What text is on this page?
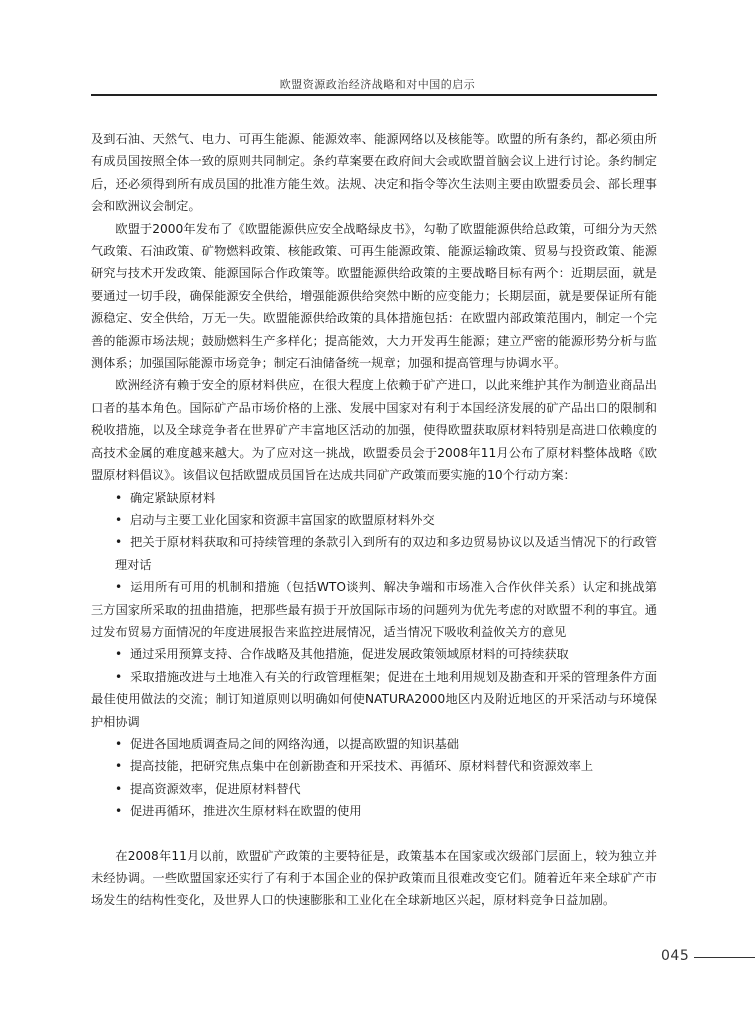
欧盟资源政治经济战略和对中国的启示

及到石油、天然气、电力、可再生能源、能源效率、能源网络以及核能等。欧盟的所有条约，都必须由所有成员国按照全体一致的原则共同制定。条约草案要在政府间大会或欧盟首脑会议上进行讨论。条约制定后，还必须得到所有成员国的批准方能生效。法规、决定和指令等次生法则主要由欧盟委员会、部长理事会和欧洲议会制定。

欧盟于2000年发布了《欧盟能源供应安全战略绿皮书》，勾勒了欧盟能源供给总政策，可细分为天然气政策、石油政策、矿物燃料政策、核能政策、可再生能源政策、能源运输政策、贸易与投资政策、能源研究与技术开发政策、能源国际合作政策等。欧盟能源供给政策的主要战略目标有两个：近期层面，就是要通过一切手段，确保能源安全供给，增强能源供给突然中断的应变能力；长期层面，就是要保证所有能源稳定、安全供给，万无一失。欧盟能源供给政策的具体措施包括：在欧盟内部政策范围内，制定一个完善的能源市场法规；鼓励燃料生产多样化；提高能效，大力开发再生能源；建立严密的能源形势分析与监测体系；加强国际能源市场竞争；制定石油储备统一规章；加强和提高管理与协调水平。

欧洲经济有赖于安全的原材料供应，在很大程度上依赖于矿产进口，以此来维护其作为制造业商品出口者的基本角色。国际矿产品市场价格的上涨、发展中国家对有利于本国经济发展的矿产品出口的限制和税收措施，以及全球竞争者在世界矿产丰富地区活动的加强，使得欧盟获取原材料特别是高进口依赖度的高技术金属的难度越来越大。为了应对这一挑战，欧盟委员会于2008年11月公布了原材料整体战略《欧盟原材料倡议》。该倡议包括欧盟成员国旨在达成共同矿产政策而要实施的10个行动方案：

• 确定紧缺原材料

• 启动与主要工业化国家和资源丰富国家的欧盟原材料外交

• 把关于原材料获取和可持续管理的条款引入到所有的双边和多边贸易协议以及适当情况下的行政管理对话

• 运用所有可用的机制和措施（包括WTO谈判、解决争端和市场准入合作伙伴关系）认定和挑战第三方国家所采取的扭曲措施，把那些最有损于开放国际市场的问题列为优先考虑的对欧盟不利的事宜。通过发布贸易方面情况的年度进展报告来监控进展情况，适当情况下吸收利益攸关方的意见

• 通过采用预算支持、合作战略及其他措施，促进发展政策领域原材料的可持续获取

• 采取措施改进与土地准入有关的行政管理框架；促进在土地利用规划及勘查和开采的管理条件方面最佳使用做法的交流；制订知道原则以明确如何使NATURA2000地区内及附近地区的开采活动与环境保护相协调

• 促进各国地质调查局之间的网络沟通，以提高欧盟的知识基础

• 提高技能，把研究焦点集中在创新勘查和开采技术、再循环、原材料替代和资源效率上

• 提高资源效率，促进原材料替代

• 促进再循环，推进次生原材料在欧盟的使用

在2008年11月以前，欧盟矿产政策的主要特征是，政策基本在国家或次级部门层面上，较为独立并未经协调。一些欧盟国家还实行了有利于本国企业的保护政策而且很难改变它们。随着近年来全球矿产市场发生的结构性变化，及世界人口的快速膨胀和工业化在全球新地区兴起，原材料竞争日益加剧。

045
